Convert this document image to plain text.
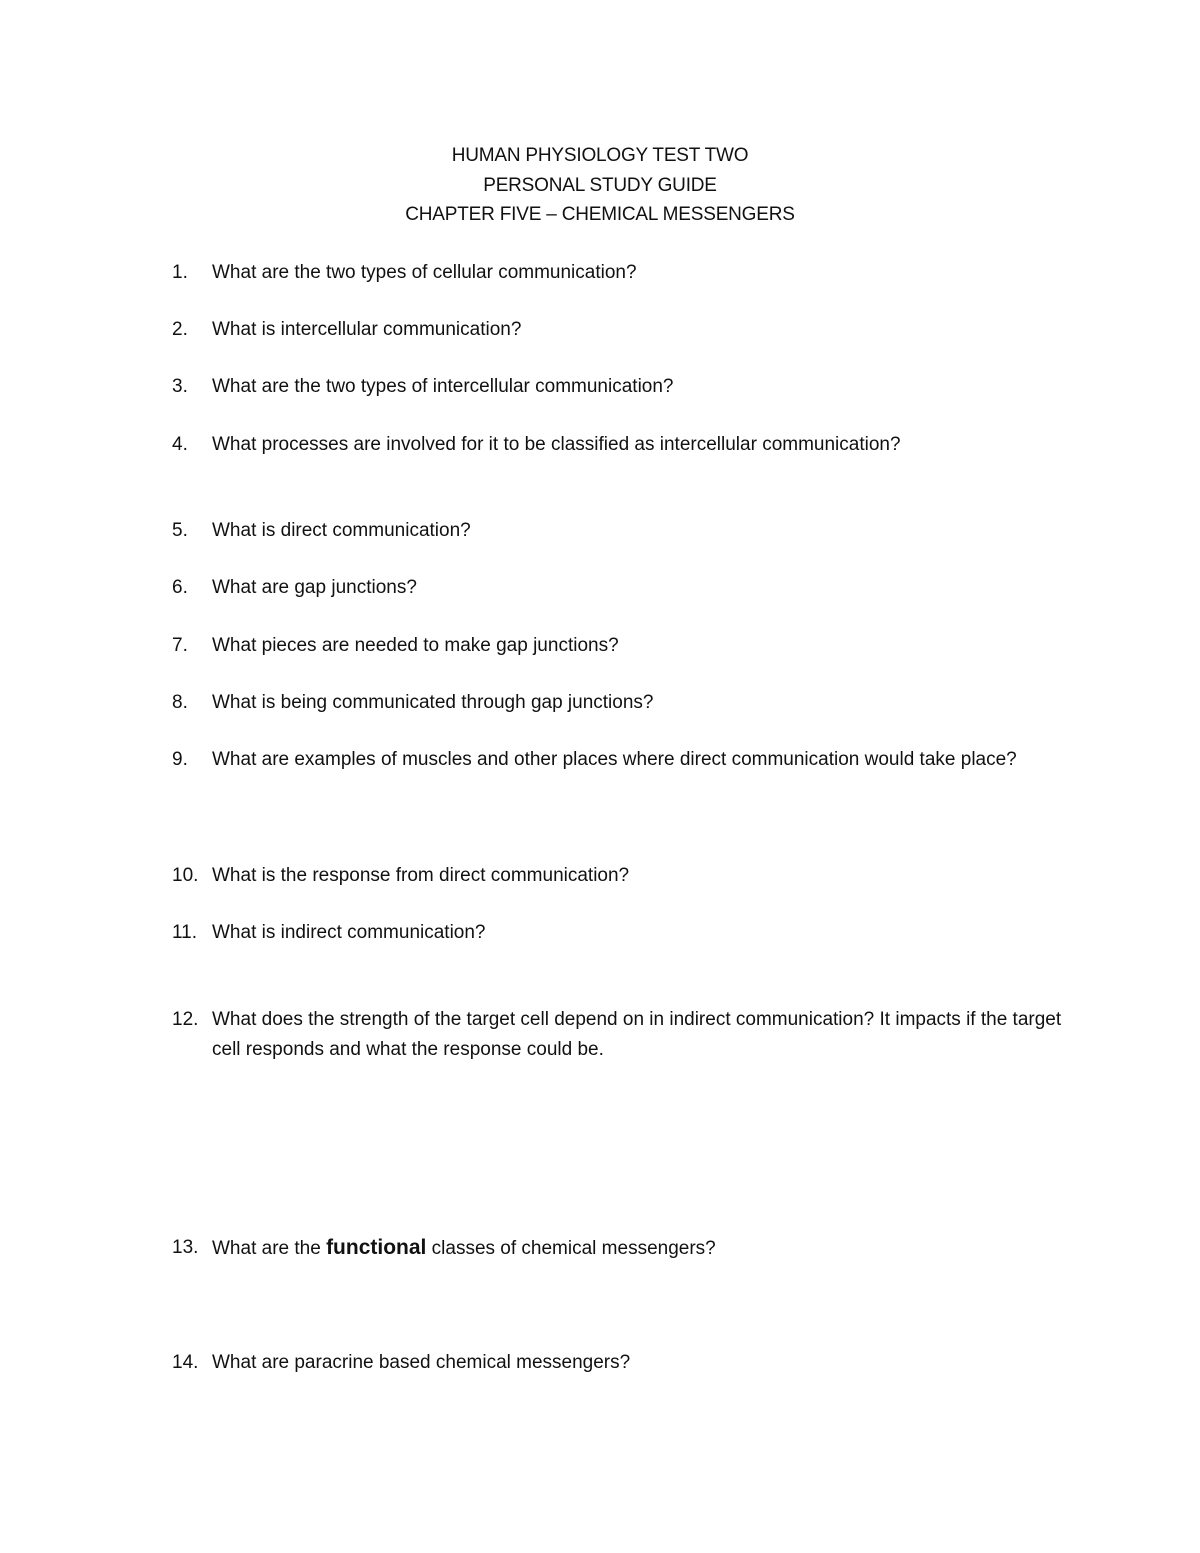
HUMAN PHYSIOLOGY TEST TWO
PERSONAL STUDY GUIDE
CHAPTER FIVE – CHEMICAL MESSENGERS
1.	What are the two types of cellular communication?
2.	What is intercellular communication?
3.	What are the two types of intercellular communication?
4.	What processes are involved for it to be classified as intercellular communication?
5.	What is direct communication?
6.	What are gap junctions?
7.	What pieces are needed to make gap junctions?
8.	What is being communicated through gap junctions?
9.	What are examples of muscles and other places where direct communication would take place?
10. What is the response from direct communication?
11. What is indirect communication?
12. What does the strength of the target cell depend on in indirect communication? It impacts if the target cell responds and what the response could be.
13. What are the functional classes of chemical messengers?
14. What are paracrine based chemical messengers?
